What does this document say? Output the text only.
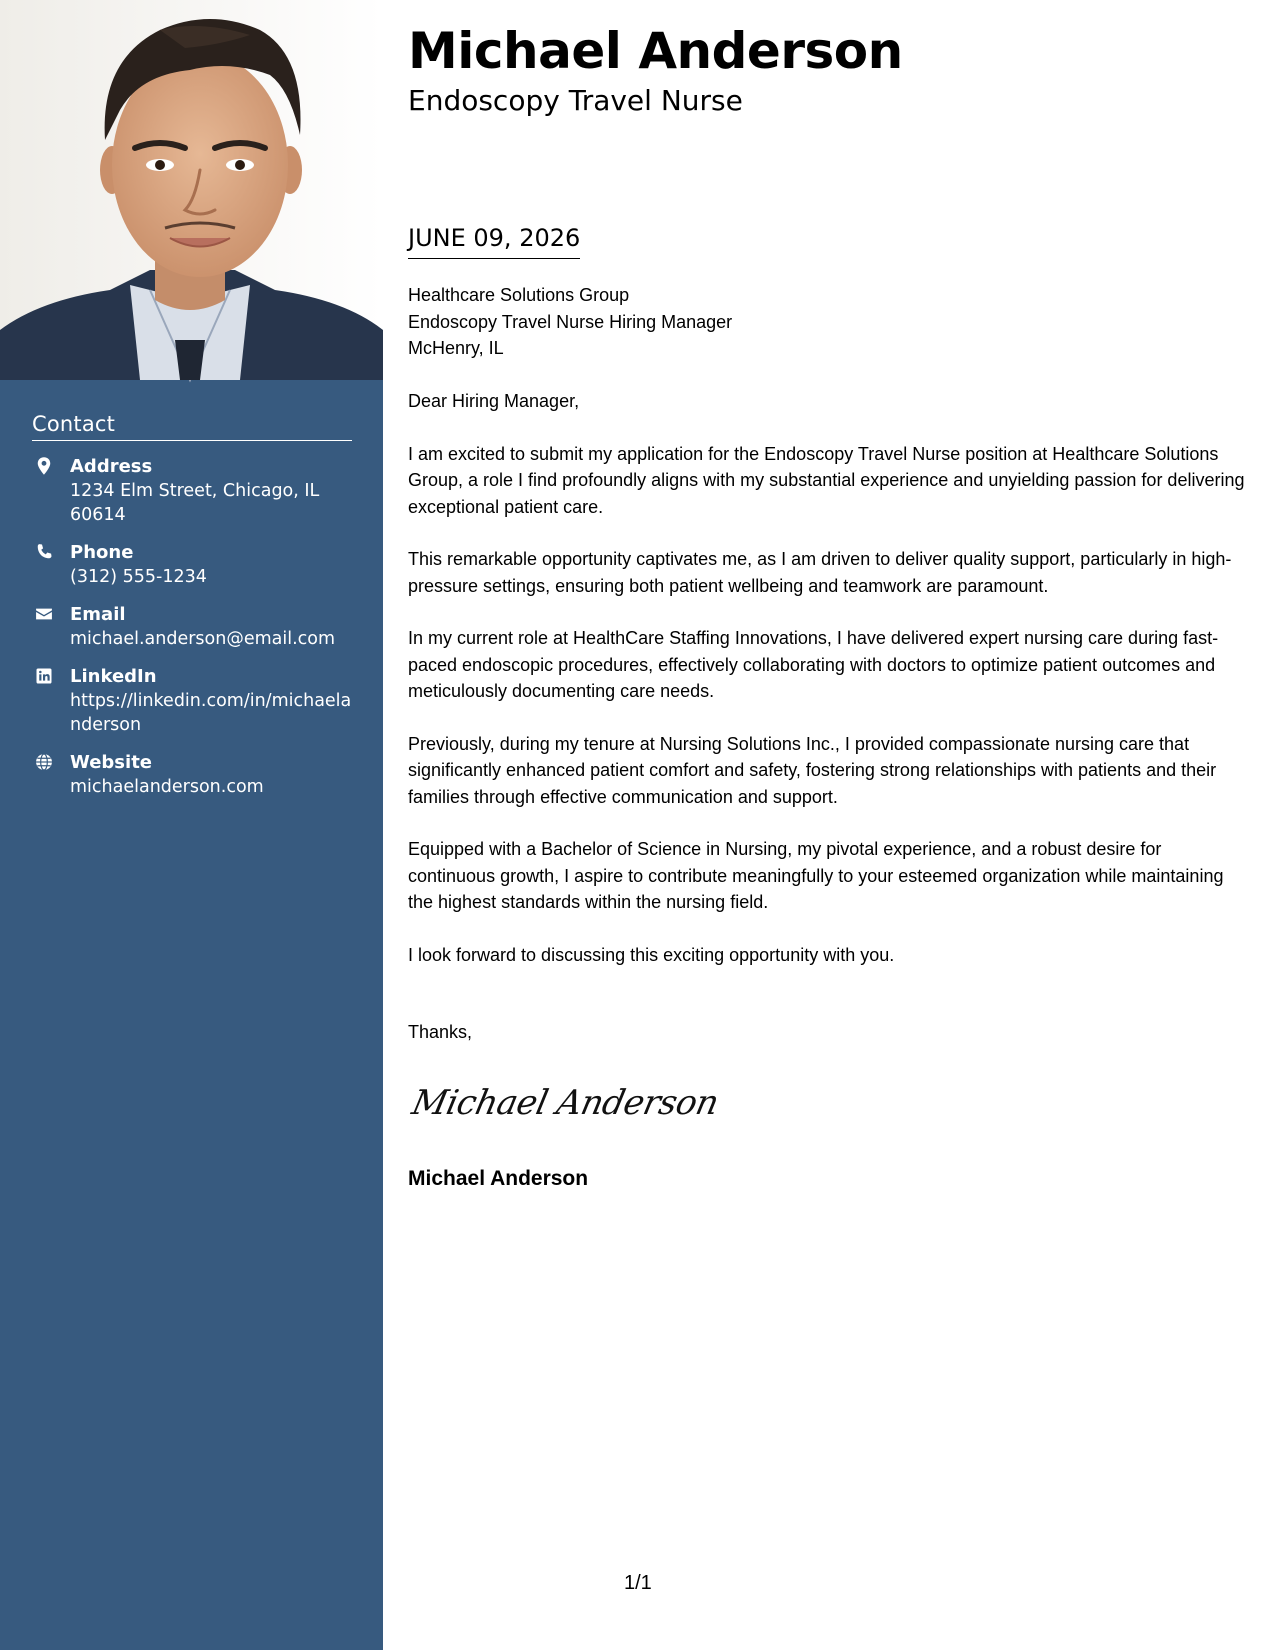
Contact
Address
1234 Elm Street, Chicago, IL 60614
Phone
(312) 555-1234
Email
michael.anderson@email.com
LinkedIn
https://linkedin.com/in/michaelanderson
Website
michaelanderson.com
Michael Anderson
Endoscopy Travel Nurse
JUNE 09, 2026
Healthcare Solutions Group
Endoscopy Travel Nurse Hiring Manager
McHenry, IL

Dear Hiring Manager,

I am excited to submit my application for the Endoscopy Travel Nurse position at Healthcare Solutions Group, a role I find profoundly aligns with my substantial experience and unyielding passion for delivering exceptional patient care.

This remarkable opportunity captivates me, as I am driven to deliver quality support, particularly in high-pressure settings, ensuring both patient wellbeing and teamwork are paramount.

In my current role at HealthCare Staffing Innovations, I have delivered expert nursing care during fast-paced endoscopic procedures, effectively collaborating with doctors to optimize patient outcomes and meticulously documenting care needs.

Previously, during my tenure at Nursing Solutions Inc., I provided compassionate nursing care that significantly enhanced patient comfort and safety, fostering strong relationships with patients and their families through effective communication and support.

Equipped with a Bachelor of Science in Nursing, my pivotal experience, and a robust desire for continuous growth, I aspire to contribute meaningfully to your esteemed organization while maintaining the highest standards within the nursing field.

I look forward to discussing this exciting opportunity with you.

Thanks,
Michael Anderson
Michael Anderson
1/1
